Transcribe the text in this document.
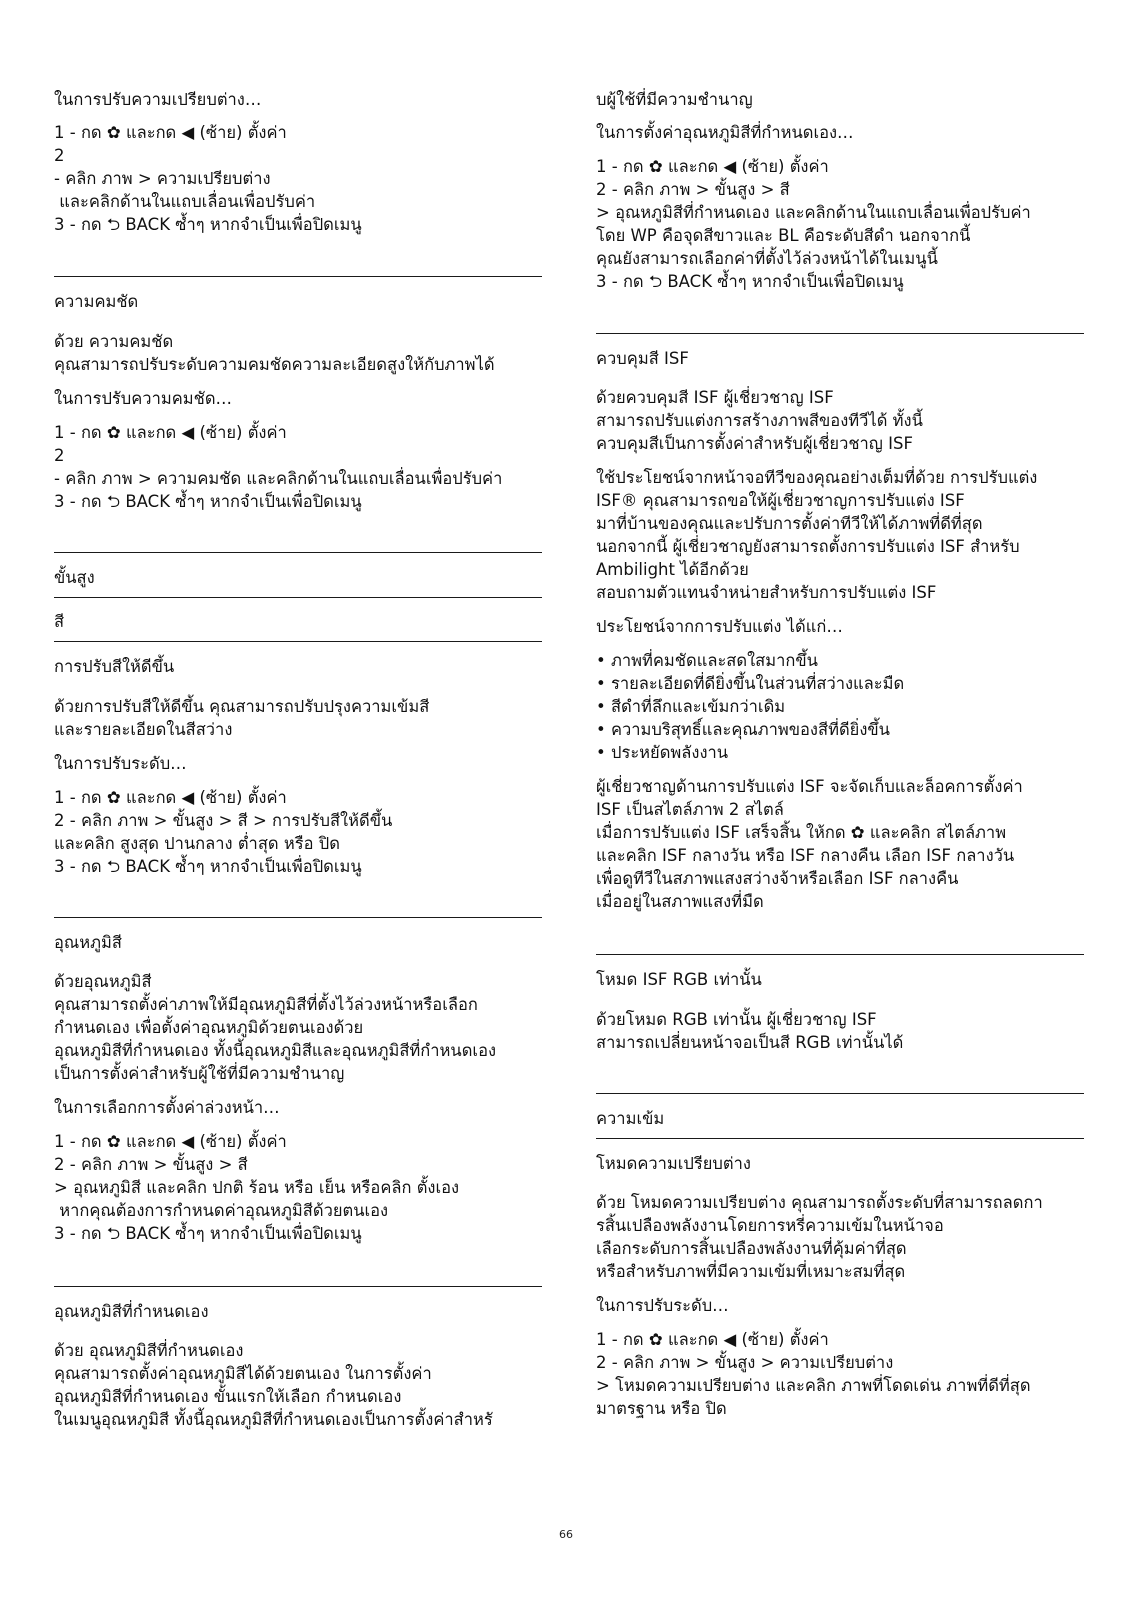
ในการปรับความเปรียบต่าง…
1 - กด ✿ และกด ◀ (ซ้าย) ตั้งค่า
2
- คลิก ภาพ > ความเปรียบต่าง
และคลิกด้านในแถบเลื่อนเพื่อปรับค่า
3 - กด ⮌ BACK ซ้ำๆ หากจำเป็นเพื่อปิดเมนู
ความคมชัด
ด้วย ความคมชัด
คุณสามารถปรับระดับความคมชัดความละเอียดสูงให้กับภาพได้
ในการปรับความคมชัด…
1 - กด ✿ และกด ◀ (ซ้าย) ตั้งค่า
2
- คลิก ภาพ > ความคมชัด และคลิกด้านในแถบเลื่อนเพื่อปรับค่า
3 - กด ⮌ BACK ซ้ำๆ หากจำเป็นเพื่อปิดเมนู
ขั้นสูง
สี
การปรับสีให้ดีขึ้น
ด้วยการปรับสีให้ดีขึ้น คุณสามารถปรับปรุงความเข้มสี
และรายละเอียดในสีสว่าง
ในการปรับระดับ…
1 - กด ✿ และกด ◀ (ซ้าย) ตั้งค่า
2 - คลิก ภาพ > ขั้นสูง > สี > การปรับสีให้ดีขึ้น
และคลิก สูงสุด ปานกลาง ต่ำสุด หรือ ปิด
3 - กด ⮌ BACK ซ้ำๆ หากจำเป็นเพื่อปิดเมนู
อุณหภูมิสี
ด้วยอุณหภูมิสี
คุณสามารถตั้งค่าภาพให้มีอุณหภูมิสีที่ตั้งไว้ล่วงหน้าหรือเลือก
กำหนดเอง เพื่อตั้งค่าอุณหภูมิด้วยตนเองด้วย
อุณหภูมิสีที่กำหนดเอง ทั้งนี้อุณหภูมิสีและอุณหภูมิสีที่กำหนดเอง
เป็นการตั้งค่าสำหรับผู้ใช้ที่มีความชำนาญ
ในการเลือกการตั้งค่าล่วงหน้า…
1 - กด ✿ และกด ◀ (ซ้าย) ตั้งค่า
2 - คลิก ภาพ > ขั้นสูง > สี
> อุณหภูมิสี และคลิก ปกติ ร้อน หรือ เย็น หรือคลิก ตั้งเอง
หากคุณต้องการกำหนดค่าอุณหภูมิสีด้วยตนเอง
3 - กด ⮌ BACK ซ้ำๆ หากจำเป็นเพื่อปิดเมนู
อุณหภูมิสีที่กำหนดเอง
ด้วย อุณหภูมิสีที่กำหนดเอง
คุณสามารถตั้งค่าอุณหภูมิสีได้ด้วยตนเอง ในการตั้งค่า
อุณหภูมิสีที่กำหนดเอง ขั้นแรกให้เลือก กำหนดเอง
ในเมนูอุณหภูมิสี ทั้งนี้อุณหภูมิสีที่กำหนดเองเป็นการตั้งค่าสำหรั
บผู้ใช้ที่มีความชำนาญ
ในการตั้งค่าอุณหภูมิสีที่กำหนดเอง…
1 - กด ✿ และกด ◀ (ซ้าย) ตั้งค่า
2 - คลิก ภาพ > ขั้นสูง > สี
> อุณหภูมิสีที่กำหนดเอง และคลิกด้านในแถบเลื่อนเพื่อปรับค่า
โดย WP คือจุดสีขาวและ BL คือระดับสีดำ นอกจากนี้
คุณยังสามารถเลือกค่าที่ตั้งไว้ล่วงหน้าได้ในเมนูนี้
3 - กด ⮌ BACK ซ้ำๆ หากจำเป็นเพื่อปิดเมนู
ควบคุมสี ISF
ด้วยควบคุมสี ISF ผู้เชี่ยวชาญ ISF
สามารถปรับแต่งการสร้างภาพสีของทีวีได้ ทั้งนี้
ควบคุมสีเป็นการตั้งค่าสำหรับผู้เชี่ยวชาญ ISF
ใช้ประโยชน์จากหน้าจอทีวีของคุณอย่างเต็มที่ด้วย การปรับแต่ง
ISF® คุณสามารถขอให้ผู้เชี่ยวชาญการปรับแต่ง ISF
มาที่บ้านของคุณและปรับการตั้งค่าทีวีให้ได้ภาพที่ดีที่สุด
นอกจากนี้ ผู้เชี่ยวชาญยังสามารถตั้งการปรับแต่ง ISF สำหรับ
Ambilight ได้อีกด้วย
สอบถามตัวแทนจำหน่ายสำหรับการปรับแต่ง ISF
ประโยชน์จากการปรับแต่ง ได้แก่…
• ภาพที่คมชัดและสดใสมากขึ้น
• รายละเอียดที่ดียิ่งขึ้นในส่วนที่สว่างและมืด
• สีดำที่ลึกและเข้มกว่าเดิม
• ความบริสุทธิ์และคุณภาพของสีที่ดียิ่งขึ้น
• ประหยัดพลังงาน
ผู้เชี่ยวชาญด้านการปรับแต่ง ISF จะจัดเก็บและล็อคการตั้งค่า
ISF เป็นสไตล์ภาพ 2 สไตล์
เมื่อการปรับแต่ง ISF เสร็จสิ้น ให้กด ✿ และคลิก สไตล์ภาพ
และคลิก ISF กลางวัน หรือ ISF กลางคืน เลือก ISF กลางวัน
เพื่อดูทีวีในสภาพแสงสว่างจ้าหรือเลือก ISF กลางคืน
เมื่ออยู่ในสภาพแสงที่มืด
โหมด ISF RGB เท่านั้น
ด้วยโหมด RGB เท่านั้น ผู้เชี่ยวชาญ ISF
สามารถเปลี่ยนหน้าจอเป็นสี RGB เท่านั้นได้
ความเข้ม
โหมดความเปรียบต่าง
ด้วย โหมดความเปรียบต่าง คุณสามารถตั้งระดับที่สามารถลดกา
รสิ้นเปลืองพลังงานโดยการหรี่ความเข้มในหน้าจอ
เลือกระดับการสิ้นเปลืองพลังงานที่คุ้มค่าที่สุด
หรือสำหรับภาพที่มีความเข้มที่เหมาะสมที่สุด
ในการปรับระดับ…
1 - กด ✿ และกด ◀ (ซ้าย) ตั้งค่า
2 - คลิก ภาพ > ขั้นสูง > ความเปรียบต่าง
> โหมดความเปรียบต่าง และคลิก ภาพที่โดดเด่น ภาพที่ดีที่สุด
มาตรฐาน หรือ ปิด
66
